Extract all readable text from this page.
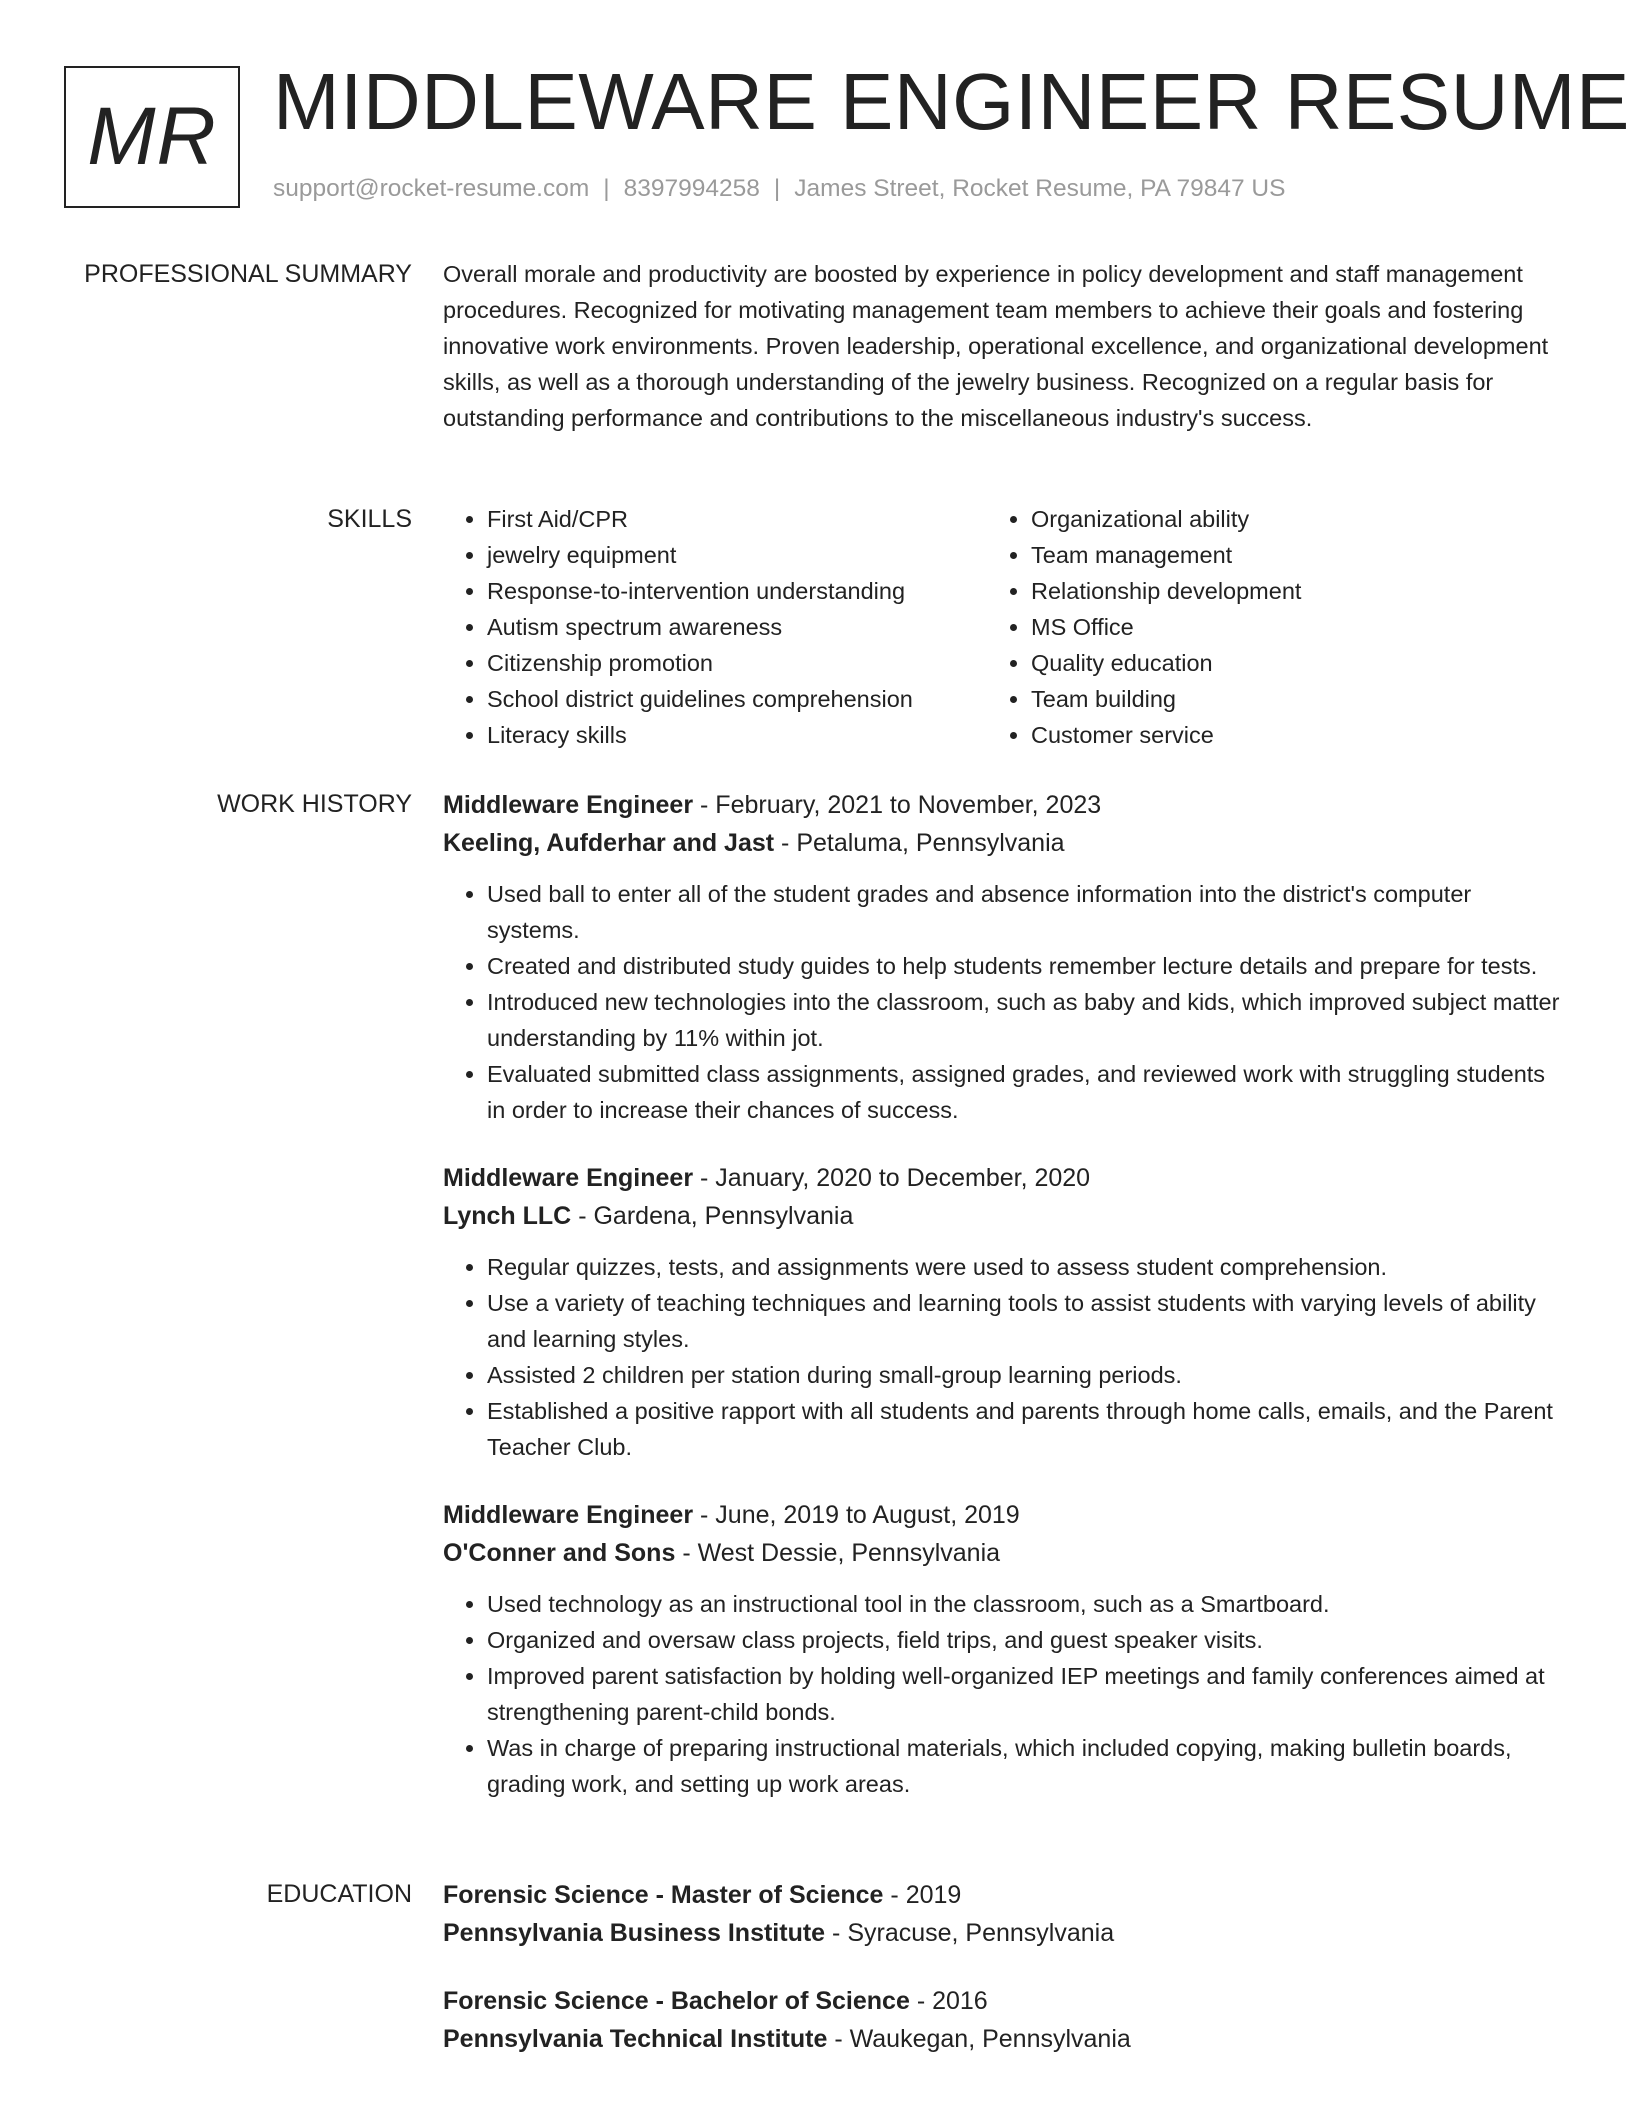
MR MIDDLEWARE ENGINEER RESUME
support@rocket-resume.com | 8397994258 | James Street, Rocket Resume, PA 79847 US
PROFESSIONAL SUMMARY Overall morale and productivity are boosted by experience in policy development and staff management procedures. Recognized for motivating management team members to achieve their goals and fostering innovative work environments. Proven leadership, operational excellence, and organizational development skills, as well as a thorough understanding of the jewelry business. Recognized on a regular basis for outstanding performance and contributions to the miscellaneous industry's success.

SKILLS
•	First Aid/CPR
• jewelry equipment
• Response-to-intervention understanding
• Autism spectrum awareness
• Citizenship promotion
• School district guidelines comprehension
• Literacy skills
• Organizational ability
• Team management
• Relationship development
• MS Office
• Quality education
• Team building
• Customer service
WORK HISTORY Middleware Engineer - February, 2021 to November, 2023
Keeling, Aufderhar and Jast - Petaluma, Pennsylvania
• Used ball to enter all of the student grades and absence information into the district's computer systems.
• Created and distributed study guides to help students remember lecture details and prepare for tests.
• Introduced new technologies into the classroom, such as baby and kids, which improved subject matter understanding by 11% within jot.
• Evaluated submitted class assignments, assigned grades, and reviewed work with struggling students in order to increase their chances of success.
Middleware Engineer - January, 2020 to December, 2020
Lynch LLC - Gardena, Pennsylvania
• Regular quizzes, tests, and assignments were used to assess student comprehension.
• Use a variety of teaching techniques and learning tools to assist students with varying levels of ability and learning styles.
• Assisted 2 children per station during small-group learning periods.
• Established a positive rapport with all students and parents through home calls, emails, and the Parent Teacher Club.
Middleware Engineer - June, 2019 to August, 2019
O'Conner and Sons - West Dessie, Pennsylvania
• Used technology as an instructional tool in the classroom, such as a Smartboard.
• Organized and oversaw class projects, field trips, and guest speaker visits.
• Improved parent satisfaction by holding well-organized IEP meetings and family conferences aimed at strengthening parent-child bonds.
• Was in charge of preparing instructional materials, which included copying, making bulletin boards, grading work, and setting up work areas.
EDUCATION Forensic Science - Master of Science - 2019
Pennsylvania Business Institute - Syracuse, Pennsylvania
Forensic Science - Bachelor of Science - 2016
Pennsylvania Technical Institute - Waukegan, Pennsylvania
